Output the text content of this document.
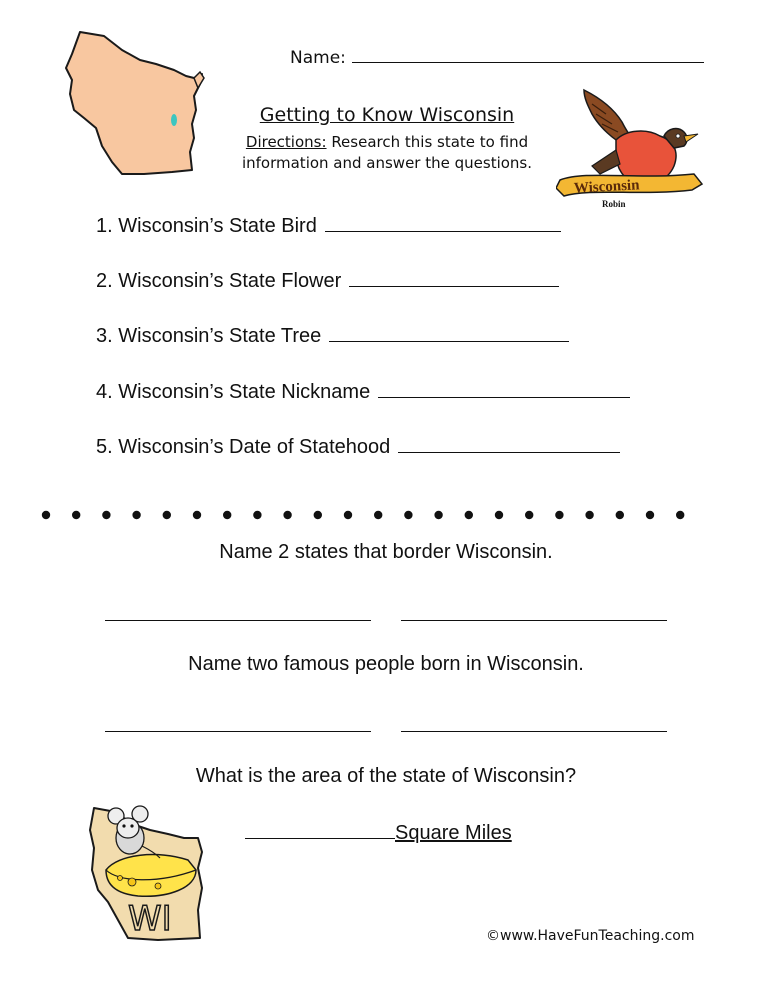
Name:
Getting to Know Wisconsin
Directions: Research this state to find
information and answer the questions.
Wisconsin
Robin
1. Wisconsin’s State Bird
2. Wisconsin’s State Flower
3. Wisconsin’s State Tree
4. Wisconsin’s State Nickname
5. Wisconsin’s Date of Statehood
Name 2 states that border Wisconsin.
Name two famous people born in Wisconsin.
What is the area of the state of Wisconsin?
Square Miles
WI	©www.HaveFunTeaching.com
